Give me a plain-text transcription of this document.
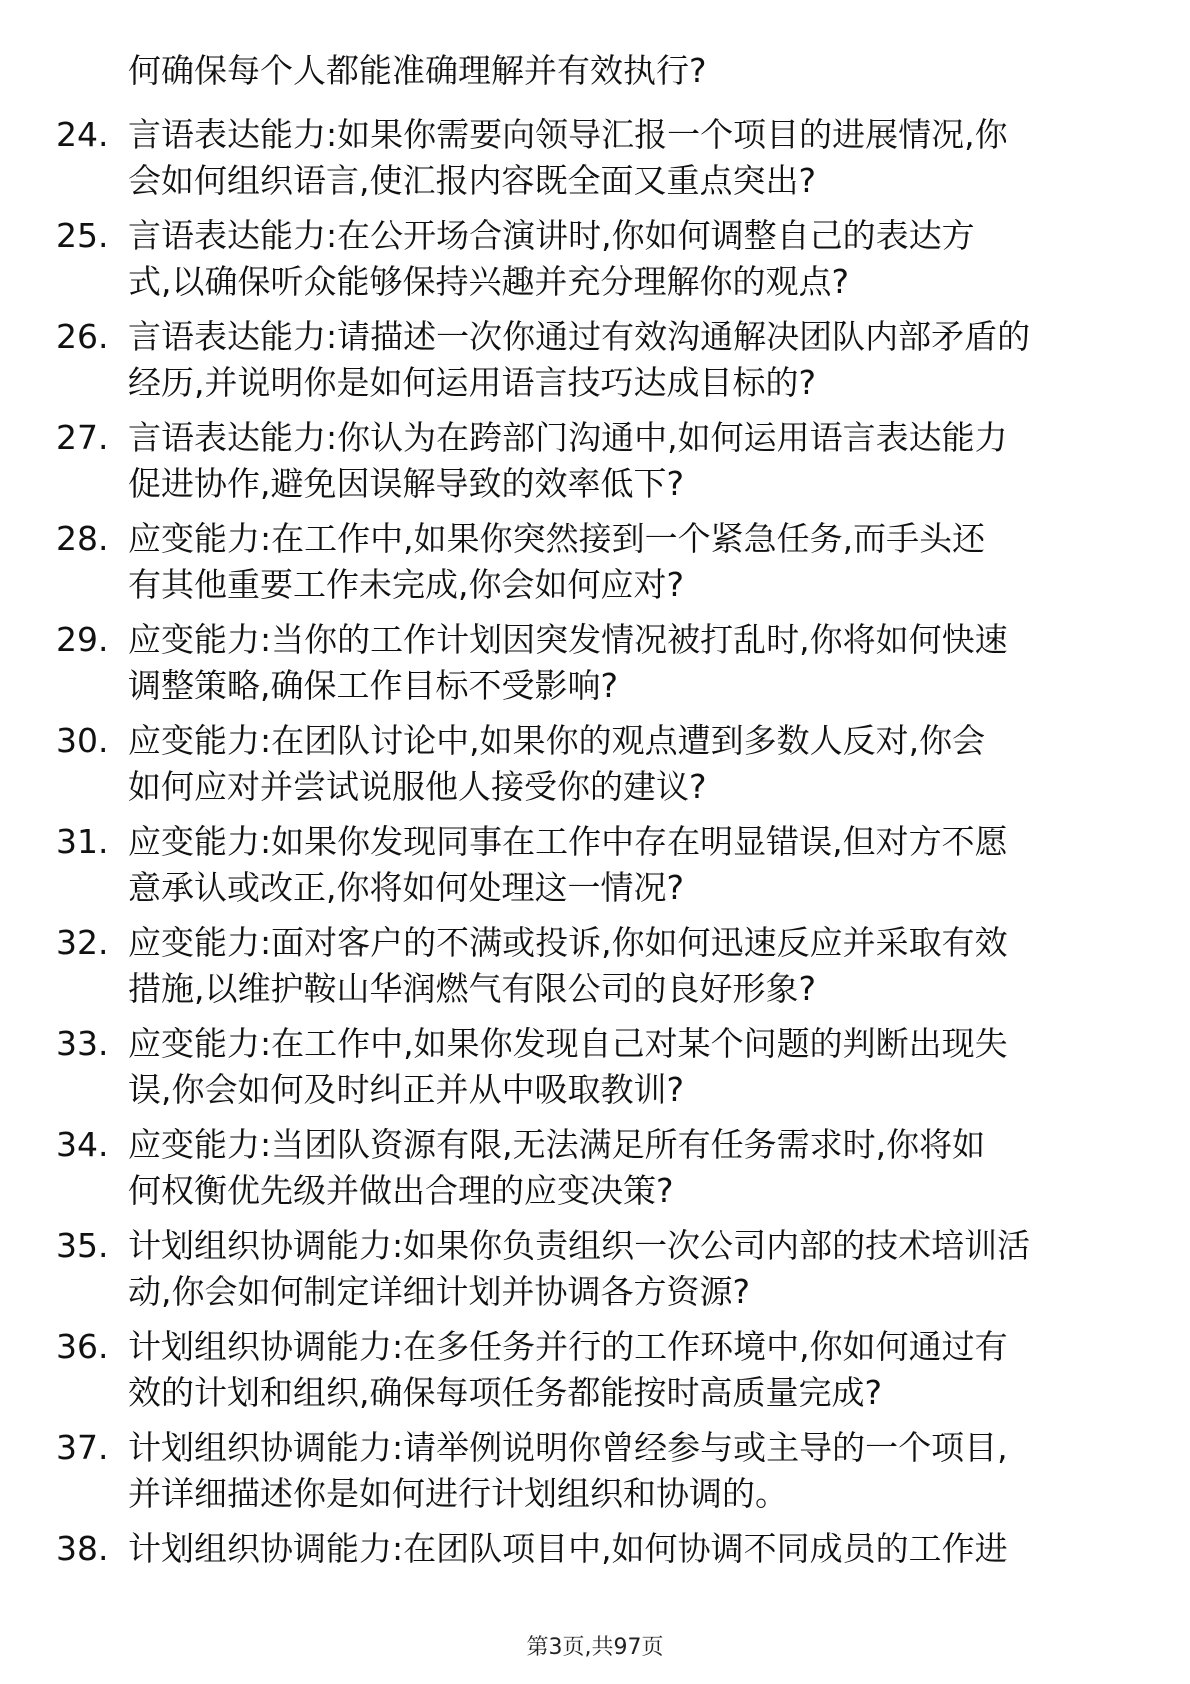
何确保每个人都能准确理解并有效执行?
24. 言语表达能力:如果你需要向领导汇报一个项目的进展情况,你
会如何组织语言,使汇报内容既全面又重点突出?
25. 言语表达能力:在公开场合演讲时,你如何调整自己的表达方
式,以确保听众能够保持兴趣并充分理解你的观点?
26. 言语表达能力:请描述一次你通过有效沟通解决团队内部矛盾的
经历,并说明你是如何运用语言技巧达成目标的?
27. 言语表达能力:你认为在跨部门沟通中,如何运用语言表达能力
促进协作,避免因误解导致的效率低下?
28. 应变能力:在工作中,如果你突然接到一个紧急任务,而手头还
有其他重要工作未完成,你会如何应对?
29. 应变能力:当你的工作计划因突发情况被打乱时,你将如何快速
调整策略,确保工作目标不受影响?
30. 应变能力:在团队讨论中,如果你的观点遭到多数人反对,你会
如何应对并尝试说服他人接受你的建议?
31. 应变能力:如果你发现同事在工作中存在明显错误,但对方不愿
意承认或改正,你将如何处理这一情况?
32. 应变能力:面对客户的不满或投诉,你如何迅速反应并采取有效
措施,以维护鞍山华润燃气有限公司的良好形象?
33. 应变能力:在工作中,如果你发现自己对某个问题的判断出现失
误,你会如何及时纠正并从中吸取教训?
34. 应变能力:当团队资源有限,无法满足所有任务需求时,你将如
何权衡优先级并做出合理的应变决策?
35. 计划组织协调能力:如果你负责组织一次公司内部的技术培训活
动,你会如何制定详细计划并协调各方资源?
36. 计划组织协调能力:在多任务并行的工作环境中,你如何通过有
效的计划和组织,确保每项任务都能按时高质量完成?
37. 计划组织协调能力:请举例说明你曾经参与或主导的一个项目,
并详细描述你是如何进行计划组织和协调的。
38. 计划组织协调能力:在团队项目中,如何协调不同成员的工作进
第3页,共97页
